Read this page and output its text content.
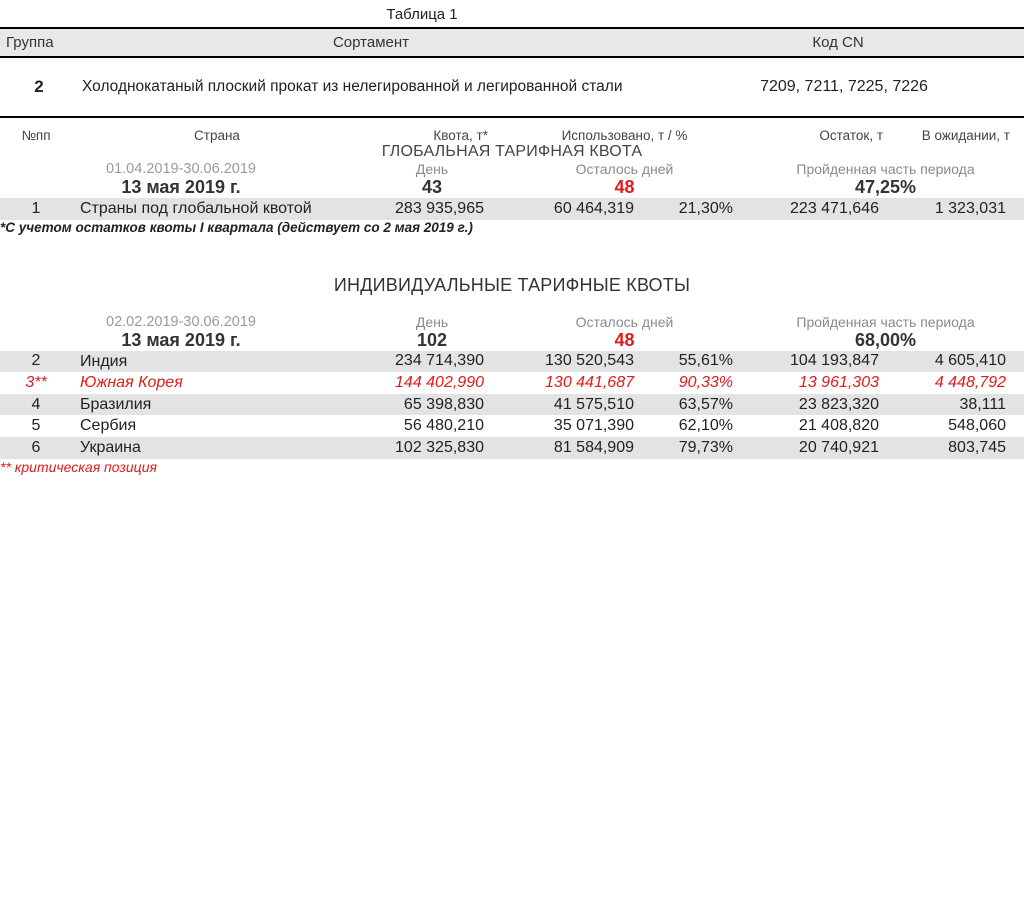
Таблица 1
Группа	Сортамент	Код CN
2	Холоднокатаный плоский прокат из нелегированной и легированной стали	7209, 7211, 7225, 7226
№пп	Страна	Квота, т*	Использовано, т / %		Остаток, т	В ожидании, т
ГЛОБАЛЬНАЯ ТАРИФНАЯ КВОТА						
01.04.2019-30.06.2019		День	Осталось дней		Пройденная часть периода	
13 мая 2019 г.		43	48		47,25%	
1	Страны под глобальной квотой	283 935,965	60 464,319	21,30%	223 471,646	1 323,031
*С учетом остатков квоты I квартала (действует со 2 мая 2019 г.)						

ИНДИВИДУАЛЬНЫЕ ТАРИФНЫЕ КВОТЫ						
02.02.2019-30.06.2019		День	Осталось дней		Пройденная часть периода	
13 мая 2019 г.		102	48		68,00%	
2	Индия	234 714,390	130 520,543	55,61%	104 193,847	4 605,410
3**	Южная Корея	144 402,990	130 441,687	90,33%	13 961,303	4 448,792
4	Бразилия	65 398,830	41 575,510	63,57%	23 823,320	38,111
5	Сербия	56 480,210	35 071,390	62,10%	21 408,820	548,060
6	Украина	102 325,830	81 584,909	79,73%	20 740,921	803,745
** критическая позиция						
